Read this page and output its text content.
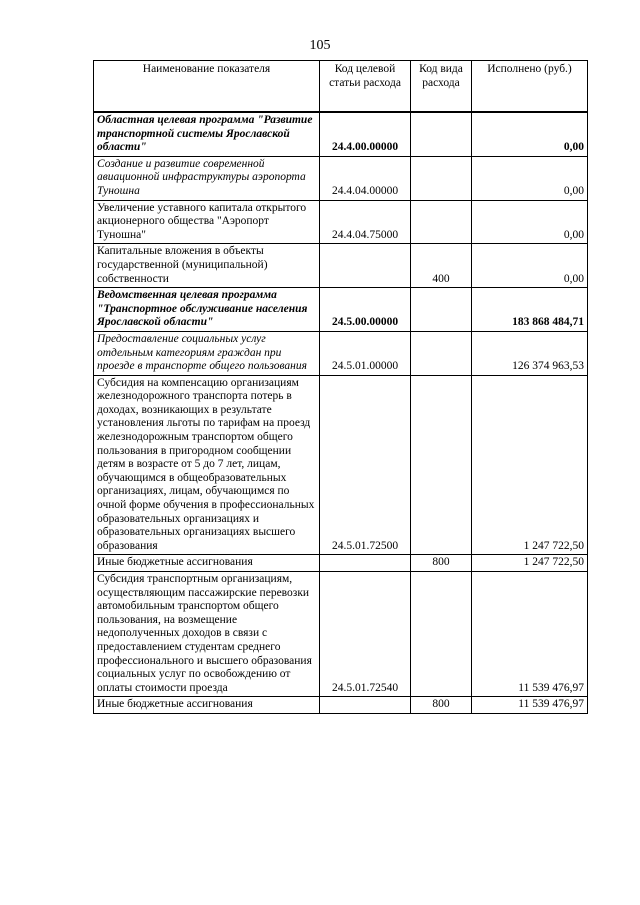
105
Наименование показателя	Код целевой статьи расхода	Код вида расхода	Исполнено (руб.)
Областная целевая программа "Развитие транспортной системы Ярославской области"	24.4.00.00000		0,00
Создание и развитие современной авиационной инфраструктуры аэропорта Туношна	24.4.04.00000		0,00
Увеличение уставного капитала открытого акционерного общества "Аэропорт Туношна"	24.4.04.75000		0,00
Капитальные вложения в объекты государственной (муниципальной) собственности		400	0,00
Ведомственная целевая программа "Транспортное обслуживание населения Ярославской области"	24.5.00.00000		183 868 484,71
Предоставление социальных услуг отдельным категориям граждан при проезде в транспорте общего пользования	24.5.01.00000		126 374 963,53
Субсидия на компенсацию организациям железнодорожного транспорта потерь в доходах, возникающих в результате установления льготы по тарифам на проезд железнодорожным транспортом общего пользования в пригородном сообщении детям в возрасте от 5 до 7 лет, лицам, обучающимся в общеобразовательных организациях, лицам, обучающимся по очной форме обучения в профессиональных образовательных организациях и образовательных организациях высшего образования	24.5.01.72500		1 247 722,50
Иные бюджетные ассигнования		800	1 247 722,50
Субсидия транспортным организациям, осуществляющим пассажирские перевозки автомобильным транспортом общего пользования, на возмещение недополученных доходов в связи с предоставлением студентам среднего профессионального и высшего образования социальных услуг по освобождению от оплаты стоимости проезда	24.5.01.72540		11 539 476,97
Иные бюджетные ассигнования		800	11 539 476,97
